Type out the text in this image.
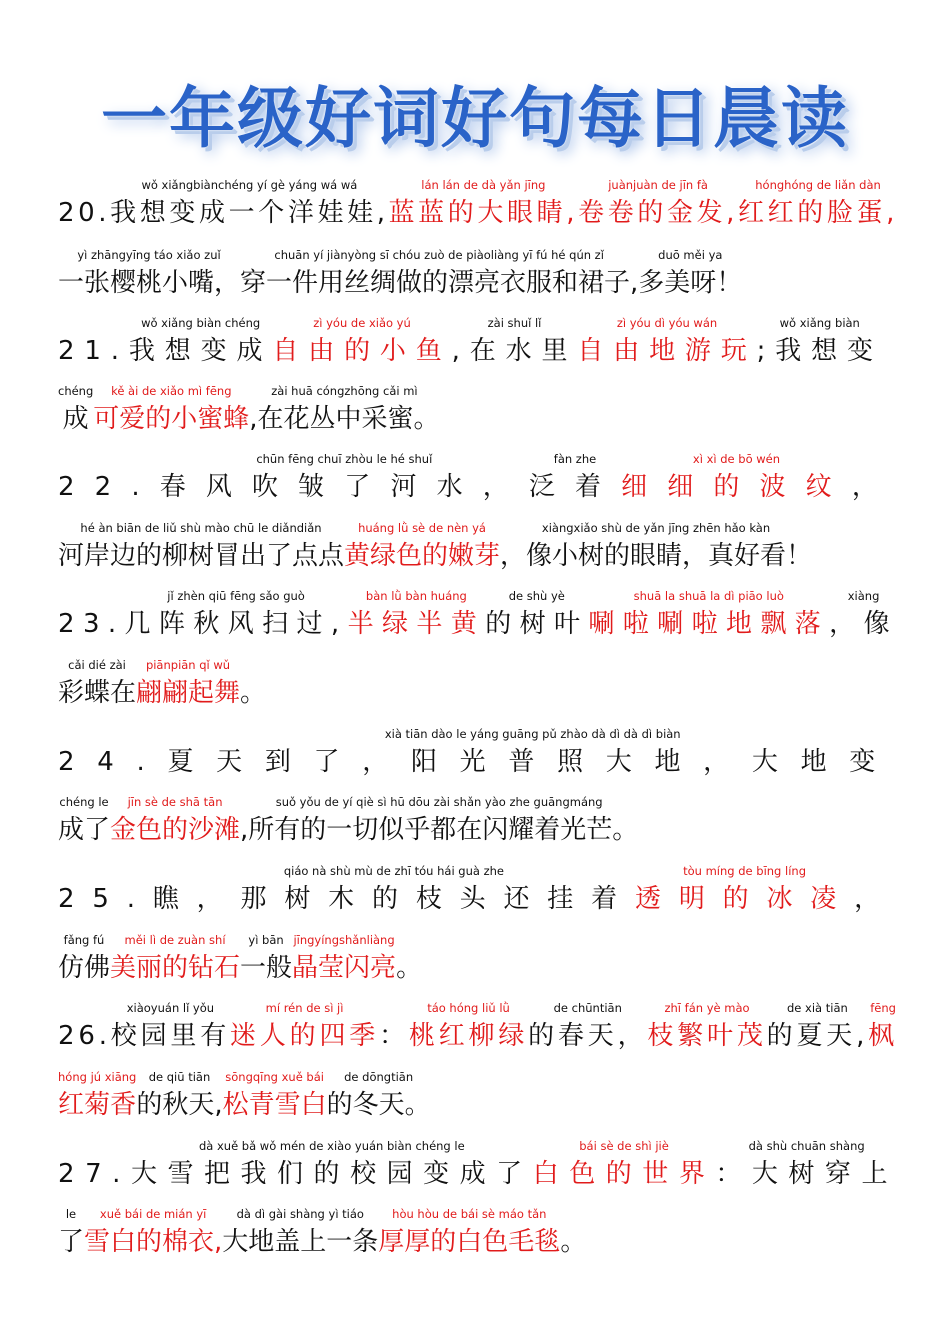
一年级好词好句每日晨读

20.
wǒ xiǎngbiànchéng yí gè yáng wá wá
我想变成一个洋娃娃,
lán lán de dà yǎn jīng
蓝蓝的大眼睛,
juànjuàn de jīn fà
卷卷的金发,
hónghóng de liǎn dàn
红红的脸蛋,
yì zhāngyīng táo xiǎo zuǐ
一张樱桃小嘴，
chuān yí jiànyòng sī chóu zuò de piàoliàng yī fú hé qún zǐ
穿一件用丝绸做的漂亮衣服和裙子,
duō měi ya
多美呀！

21.
wǒ xiǎng biàn chéng
我想变成
zì yóu de xiǎo yú
自由的小鱼
zài shuǐ lǐ
,在水里
zì yóu dì yóu wán
自由地游玩
wǒ xiǎng biàn
;我想变
chéng
成
kě ài de xiǎo mì fēng
可爱的小蜜蜂
zài huā cóngzhōng cǎi mì
,在花丛中采蜜。

22.
chūn fēng chuī zhòu le hé shuǐ
春风吹皱了河水，
fàn zhe
泛着
xì xì de bō wén
细细的波纹
，
hé àn biān de liǔ shù mào chū le diǎndiǎn
河岸边的柳树冒出了点点
huáng lǜ sè de nèn yá
黄绿色的嫩芽
xiàngxiǎo shù de yǎn jīng zhēn hǎo kàn
，像小树的眼睛，真好看！

23.
jǐ zhèn qiū fēng sǎo guò
几阵秋风扫过,
bàn lǜ bàn huáng
半绿半黄
de shù yè
的树叶
shuā la shuā la dì piāo luò
唰啦唰啦地飘落
xiàng
，像
cǎi dié zài
彩蝶在
piānpiān qǐ wǔ
翩翩起舞
。

24.
xià tiān dào le yáng guāng pǔ zhào dà dì dà dì biàn
夏天到了，阳光普照大地，大地变
chéng le
成了
jīn sè de shā tān
金色的沙滩
suǒ yǒu de yí qiè sì hū dōu zài shǎn yào zhe guāngmáng
,所有的一切似乎都在闪耀着光芒。

25.
qiáo nà shù mù de zhī tóu hái guà zhe
瞧，那树木的枝头还挂着
tòu míng de bīng líng
透明的冰凌
，
fǎng fú
仿佛
měi lì de zuàn shí
美丽的钻石
yì bān
一般
jīngyíngshǎnliàng
晶莹闪亮
。

26.
xiàoyuán lǐ yǒu
校园里有
mí rén de sì jì
迷人的四季
：
táo hóng liǔ lǜ
桃红柳绿
de chūntiān
的春天，
zhī fán yè mào
枝繁叶茂
de xià tiān
的夏天,
fēng
枫
hóng jú xiāng
红菊香
de qiū tiān
的秋天,
sōngqīng xuě bái
松青雪白
de dōngtiān
的冬天。

27.
dà xuě bǎ wǒ mén de xiào yuán biàn chéng le
大雪把我们的校园变成了
bái sè de shì jiè
白色的世界
dà shù chuān shàng
：大树穿上
le
了
xuě bái de mián yī
雪白的棉衣,
dà dì gài shàng yì tiáo
大地盖上一条
hòu hòu de bái sè máo tǎn
厚厚的白色毛毯
。
